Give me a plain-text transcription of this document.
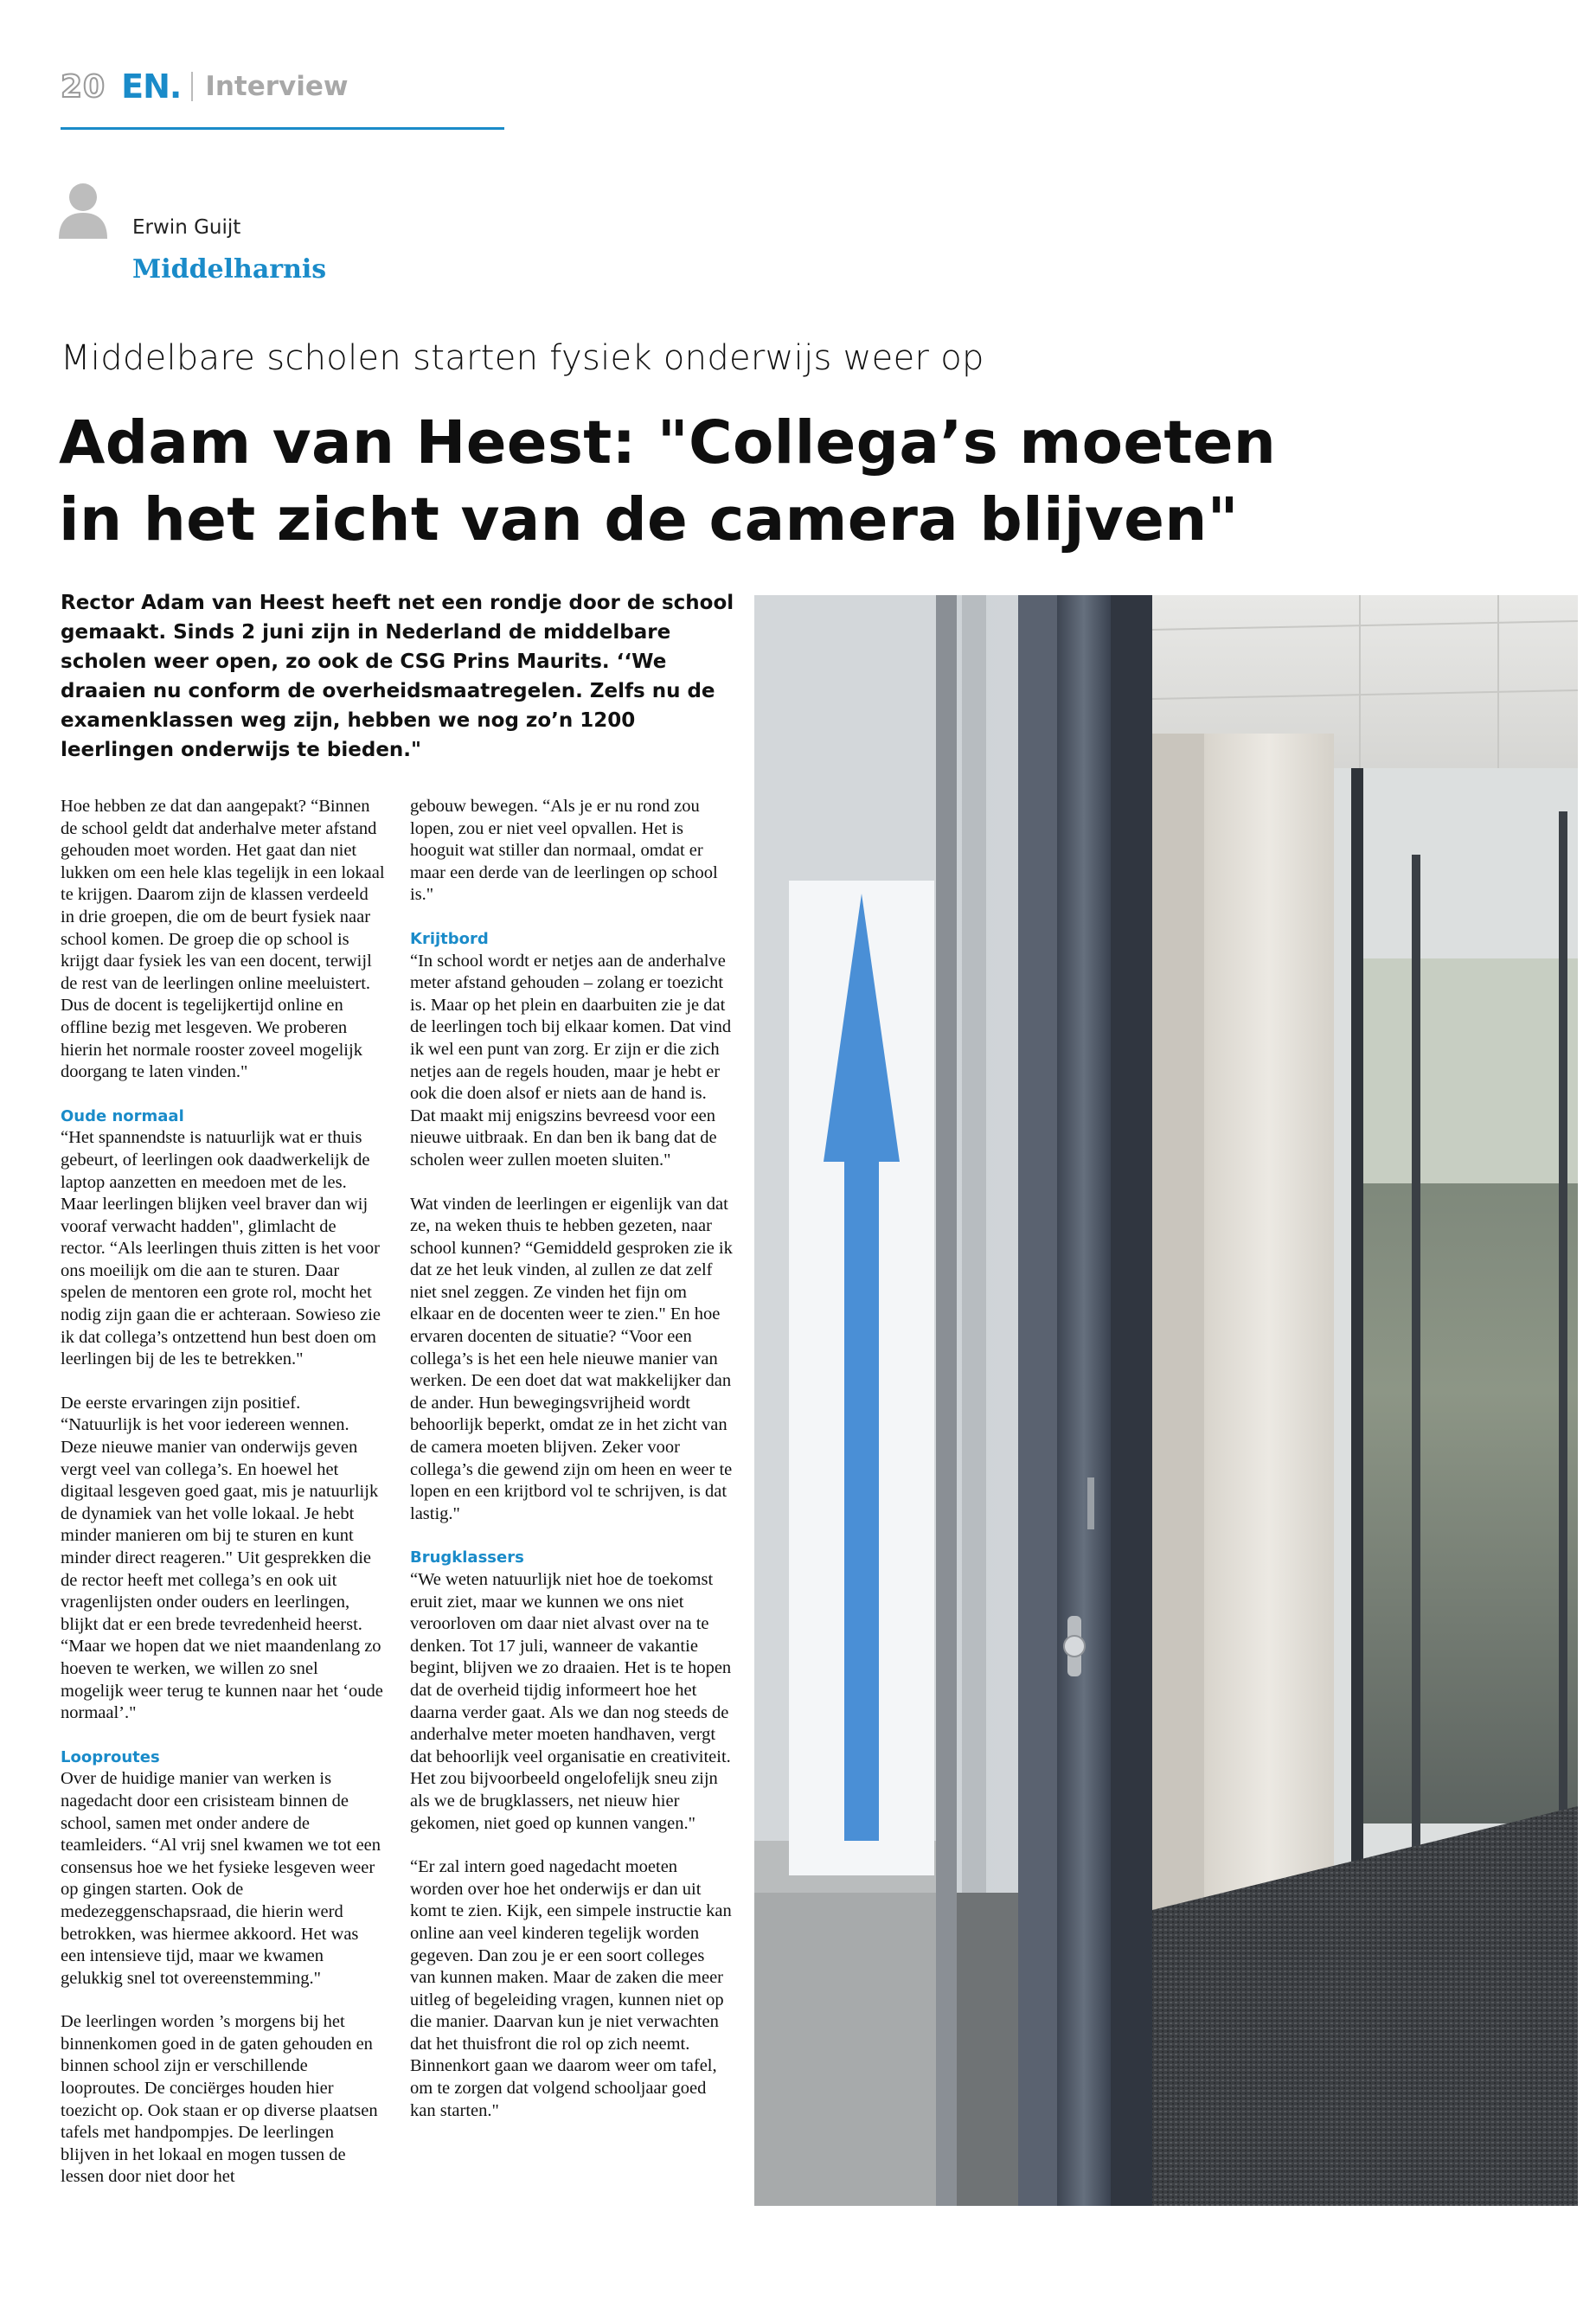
20 EN. Interview
Erwin Guijt
Middelharnis
Middelbare scholen starten fysiek onderwijs weer op
Adam van Heest: "Collega’s moeten
in het zicht van de camera blijven"
Rector Adam van Heest heeft net een rondje door de school gemaakt. Sinds 2 juni zijn in Nederland de middelbare scholen weer open, zo ook de CSG Prins Maurits. ‘‘We draaien nu conform de overheidsmaatregelen. Zelfs nu de examenklassen weg zijn, hebben we nog zo’n 1200 leerlingen onderwijs te bieden."

Hoe hebben ze dat dan aangepakt? “Binnen de school geldt dat anderhalve meter afstand gehouden moet worden. Het gaat dan niet lukken om een hele klas tegelijk in een lokaal te krijgen. Daarom zijn de klassen verdeeld in drie groepen, die om de beurt fysiek naar school komen. De groep die op school is krijgt daar fysiek les van een docent, terwijl de rest van de leerlingen online meeluistert. Dus de docent is tegelijkertijd online en offline bezig met lesgeven. We proberen hierin het normale rooster zoveel mogelijk doorgang te laten vinden."

Oude normaal

“Het spannendste is natuurlijk wat er thuis gebeurt, of leerlingen ook daadwerkelijk de laptop aanzetten en meedoen met de les. Maar leerlingen blijken veel braver dan wij vooraf verwacht hadden", glimlacht de rector. “Als leerlingen thuis zitten is het voor ons moeilijk om die aan te sturen. Daar spelen de mentoren een grote rol, mocht het nodig zijn gaan die er achteraan. Sowieso zie ik dat collega’s ontzettend hun best doen om leerlingen bij de les te betrekken."

De eerste ervaringen zijn positief. “Natuurlijk is het voor iedereen wennen. Deze nieuwe manier van onderwijs geven vergt veel van collega’s. En hoewel het digitaal lesgeven goed gaat, mis je natuurlijk de dynamiek van het volle lokaal. Je hebt minder manieren om bij te sturen en kunt minder direct reageren." Uit gesprekken die de rector heeft met collega’s en ook uit vragenlijsten onder ouders en leerlingen, blijkt dat er een brede tevredenheid heerst. “Maar we hopen dat we niet maandenlang zo hoeven te werken, we willen zo snel mogelijk weer terug te kunnen naar het ‘oude normaal’."

Looproutes

Over de huidige manier van werken is nagedacht door een crisisteam binnen de school, samen met onder andere de teamleiders. “Al vrij snel kwamen we tot een consensus hoe we het fysieke lesgeven weer op gingen starten. Ook de medezeggenschapsraad, die hierin werd betrokken, was hiermee akkoord. Het was een intensieve tijd, maar we kwamen gelukkig snel tot overeenstemming."

De leerlingen worden ’s morgens bij het binnenkomen goed in de gaten gehouden en binnen school zijn er verschillende looproutes. De conciërges houden hier toezicht op. Ook staan er op diverse plaatsen tafels met handpompjes. De leerlingen blijven in het lokaal en mogen tussen de lessen door niet door het

gebouw bewegen. “Als je er nu rond zou lopen, zou er niet veel opvallen. Het is hooguit wat stiller dan normaal, omdat er maar een derde van de leerlingen op school is."

Krijtbord

“In school wordt er netjes aan de anderhalve meter afstand gehouden – zolang er toezicht is. Maar op het plein en daarbuiten zie je dat de leerlingen toch bij elkaar komen. Dat vind ik wel een punt van zorg. Er zijn er die zich netjes aan de regels houden, maar je hebt er ook die doen alsof er niets aan de hand is. Dat maakt mij enigszins bevreesd voor een nieuwe uitbraak. En dan ben ik bang dat de scholen weer zullen moeten sluiten."

Wat vinden de leerlingen er eigenlijk van dat ze, na weken thuis te hebben gezeten, naar school kunnen? “Gemiddeld gesproken zie ik dat ze het leuk vinden, al zullen ze dat zelf niet snel zeggen. Ze vinden het fijn om elkaar en de docenten weer te zien." En hoe ervaren docenten de situatie? “Voor een collega’s is het een hele nieuwe manier van werken. De een doet dat wat makkelijker dan de ander. Hun bewegingsvrijheid wordt behoorlijk beperkt, omdat ze in het zicht van de camera moeten blijven. Zeker voor collega’s die gewend zijn om heen en weer te lopen en een krijtbord vol te schrijven, is dat lastig."

Brugklassers

“We weten natuurlijk niet hoe de toekomst eruit ziet, maar we kunnen we ons niet veroorloven om daar niet alvast over na te denken. Tot 17 juli, wanneer de vakantie begint, blijven we zo draaien. Het is te hopen dat de overheid tijdig informeert hoe het daarna verder gaat. Als we dan nog steeds de anderhalve meter moeten handhaven, vergt dat behoorlijk veel organisatie en creativiteit. Het zou bijvoorbeeld ongelofelijk sneu zijn als we de brugklassers, net nieuw hier gekomen, niet goed op kunnen vangen."

“Er zal intern goed nagedacht moeten worden over hoe het onderwijs er dan uit komt te zien. Kijk, een simpele instructie kan online aan veel kinderen tegelijk worden gegeven. Dan zou je er een soort colleges van kunnen maken. Maar de zaken die meer uitleg of begeleiding vragen, kunnen niet op die manier. Daarvan kun je niet verwachten dat het thuisfront die rol op zich neemt. Binnenkort gaan we daarom weer om tafel, om te zorgen dat volgend schooljaar goed kan starten."
